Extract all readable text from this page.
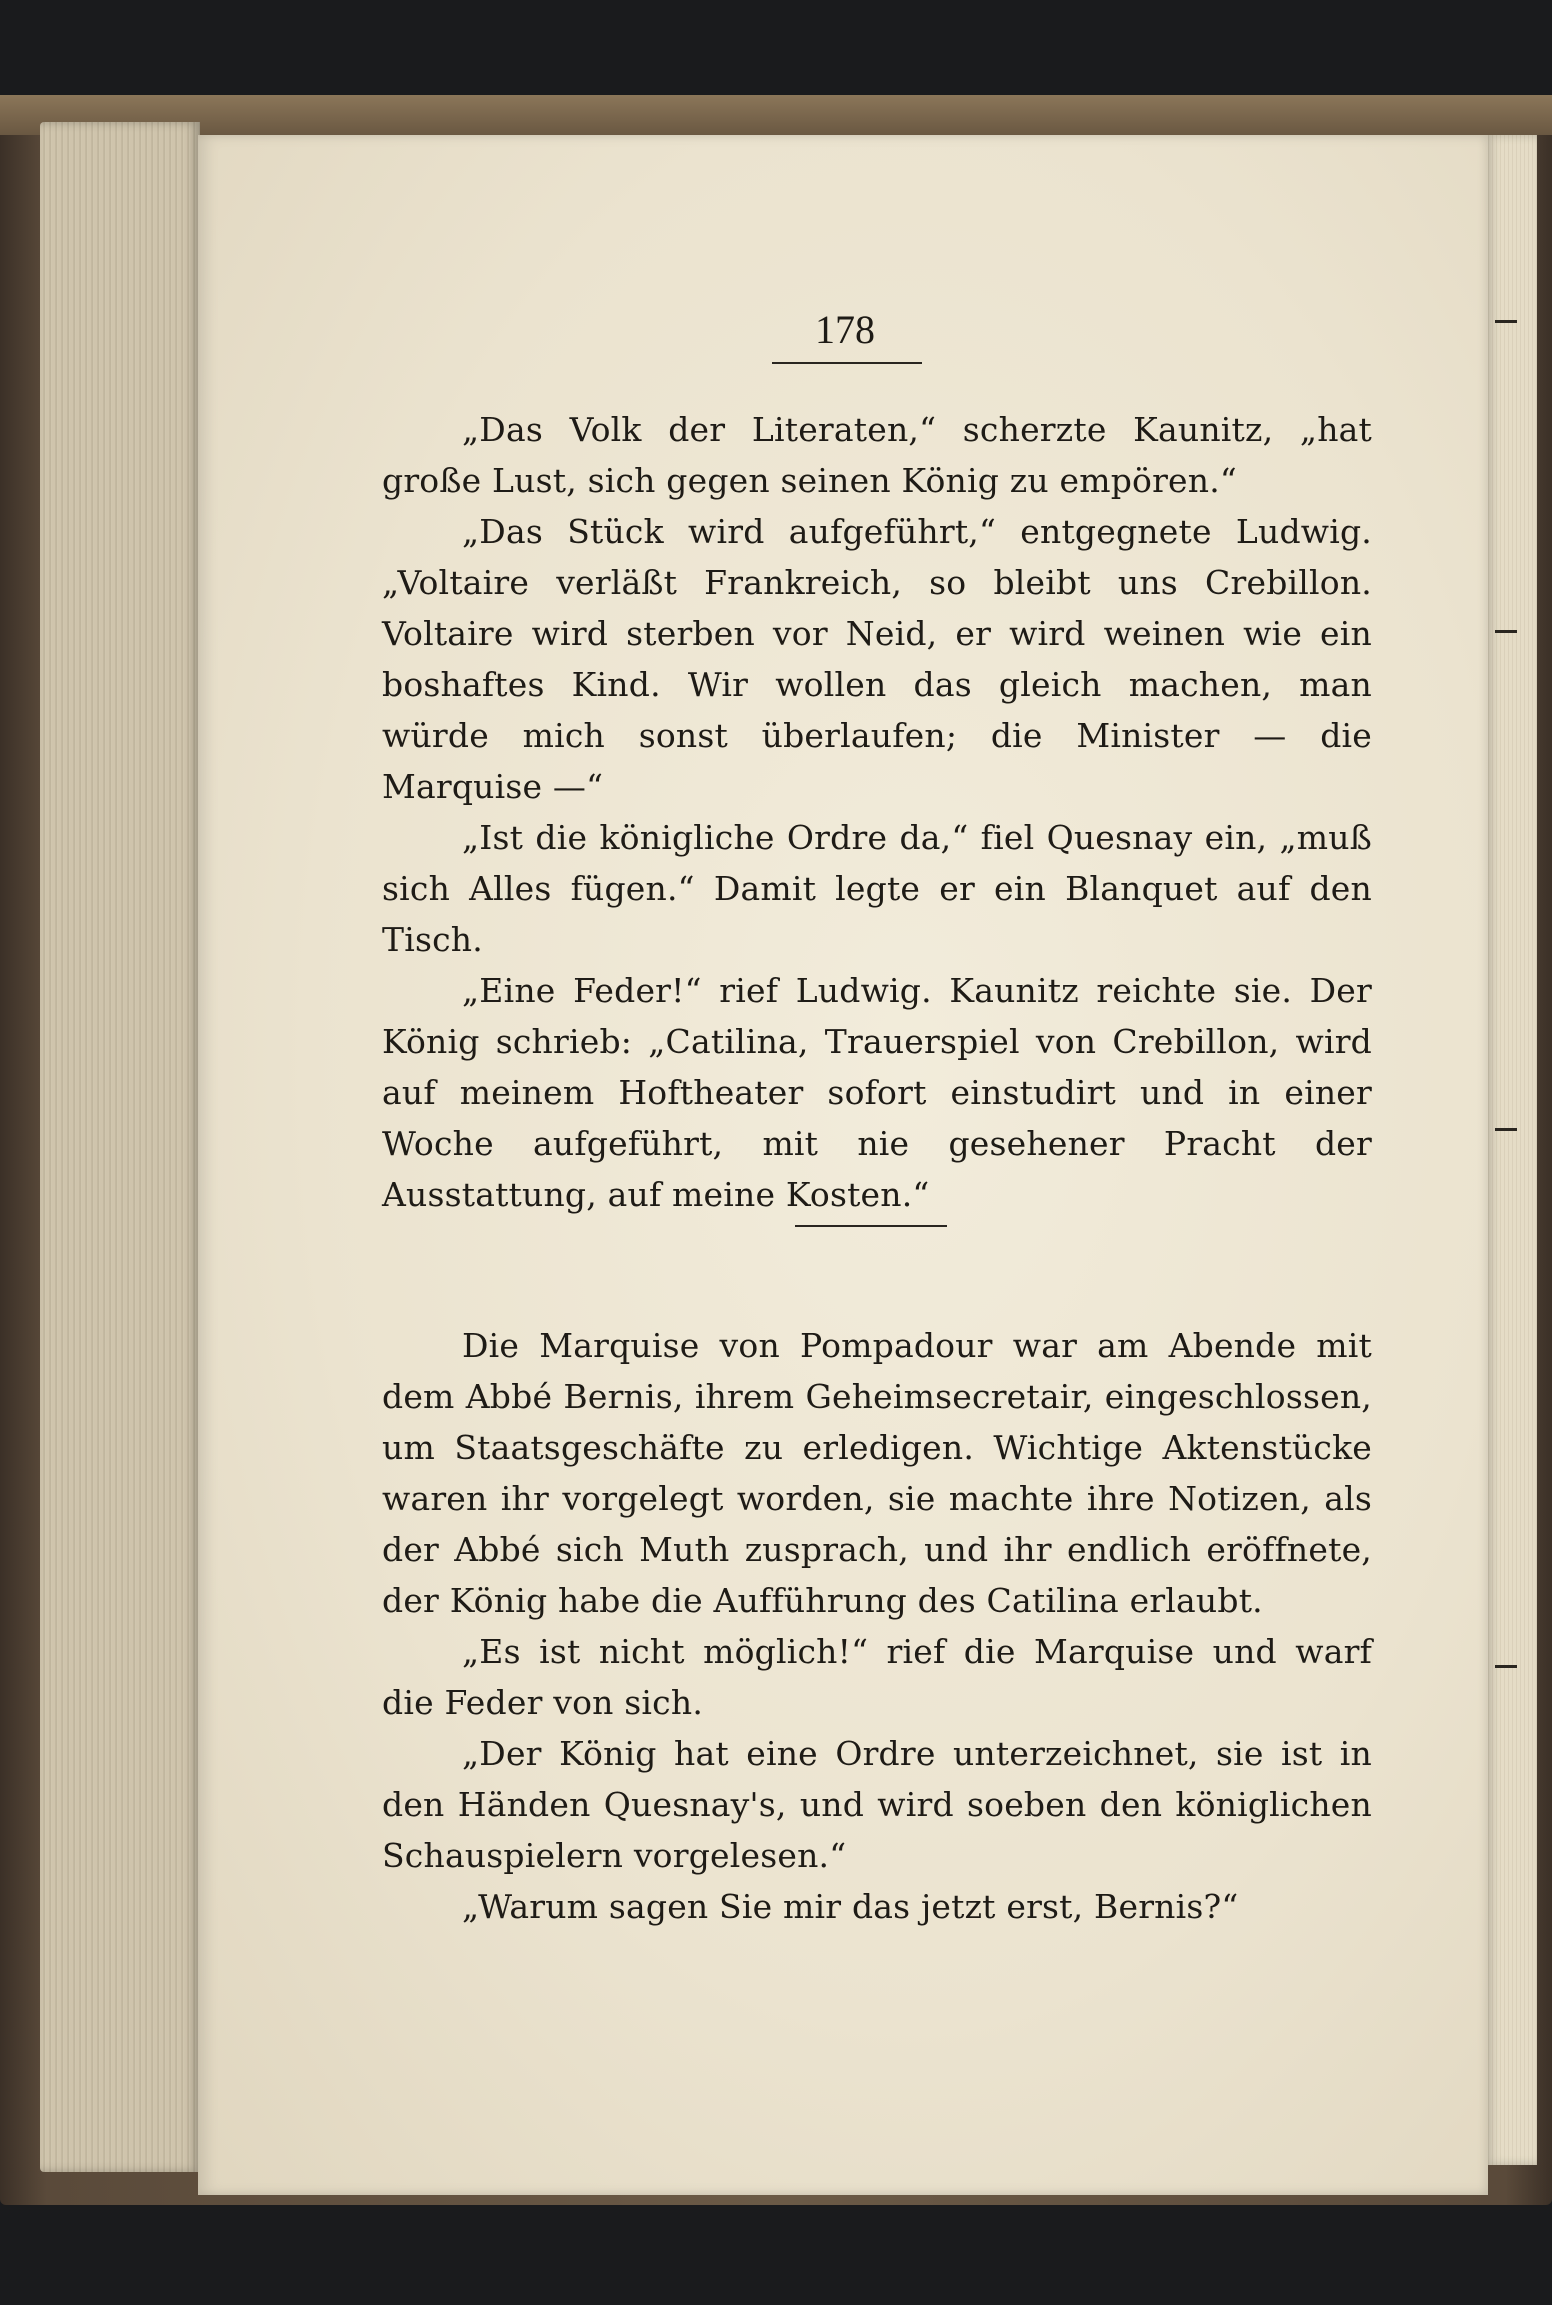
178

„Das Volk der Literaten,“ scherzte Kaunitz, „hat große Lust, sich gegen seinen König zu empören.“

„Das Stück wird aufgeführt,“ entgegnete Ludwig. „Voltaire verläßt Frankreich, so bleibt uns Crebillon. Voltaire wird sterben vor Neid, er wird weinen wie ein boshaftes Kind. Wir wollen das gleich machen, man würde mich sonst überlaufen; die Minister — die Marquise —“

„Ist die königliche Ordre da,“ fiel Quesnay ein, „muß sich Alles fügen.“ Damit legte er ein Blanquet auf den Tisch.

„Eine Feder!“ rief Ludwig. Kaunitz reichte sie. Der König schrieb: „Catilina, Trauerspiel von Crebillon, wird auf meinem Hoftheater sofort einstudirt und in einer Woche aufgeführt, mit nie gesehener Pracht der Ausstattung, auf meine Kosten.“

Die Marquise von Pompadour war am Abende mit dem Abbé Bernis, ihrem Geheimsecretair, eingeschlossen, um Staatsgeschäfte zu erledigen. Wichtige Aktenstücke waren ihr vorgelegt worden, sie machte ihre Notizen, als der Abbé sich Muth zusprach, und ihr endlich eröffnete, der König habe die Aufführung des Catilina erlaubt.

„Es ist nicht möglich!“ rief die Marquise und warf die Feder von sich.

„Der König hat eine Ordre unterzeichnet, sie ist in den Händen Quesnay's, und wird soeben den königlichen Schauspielern vorgelesen.“

„Warum sagen Sie mir das jetzt erst, Bernis?“
